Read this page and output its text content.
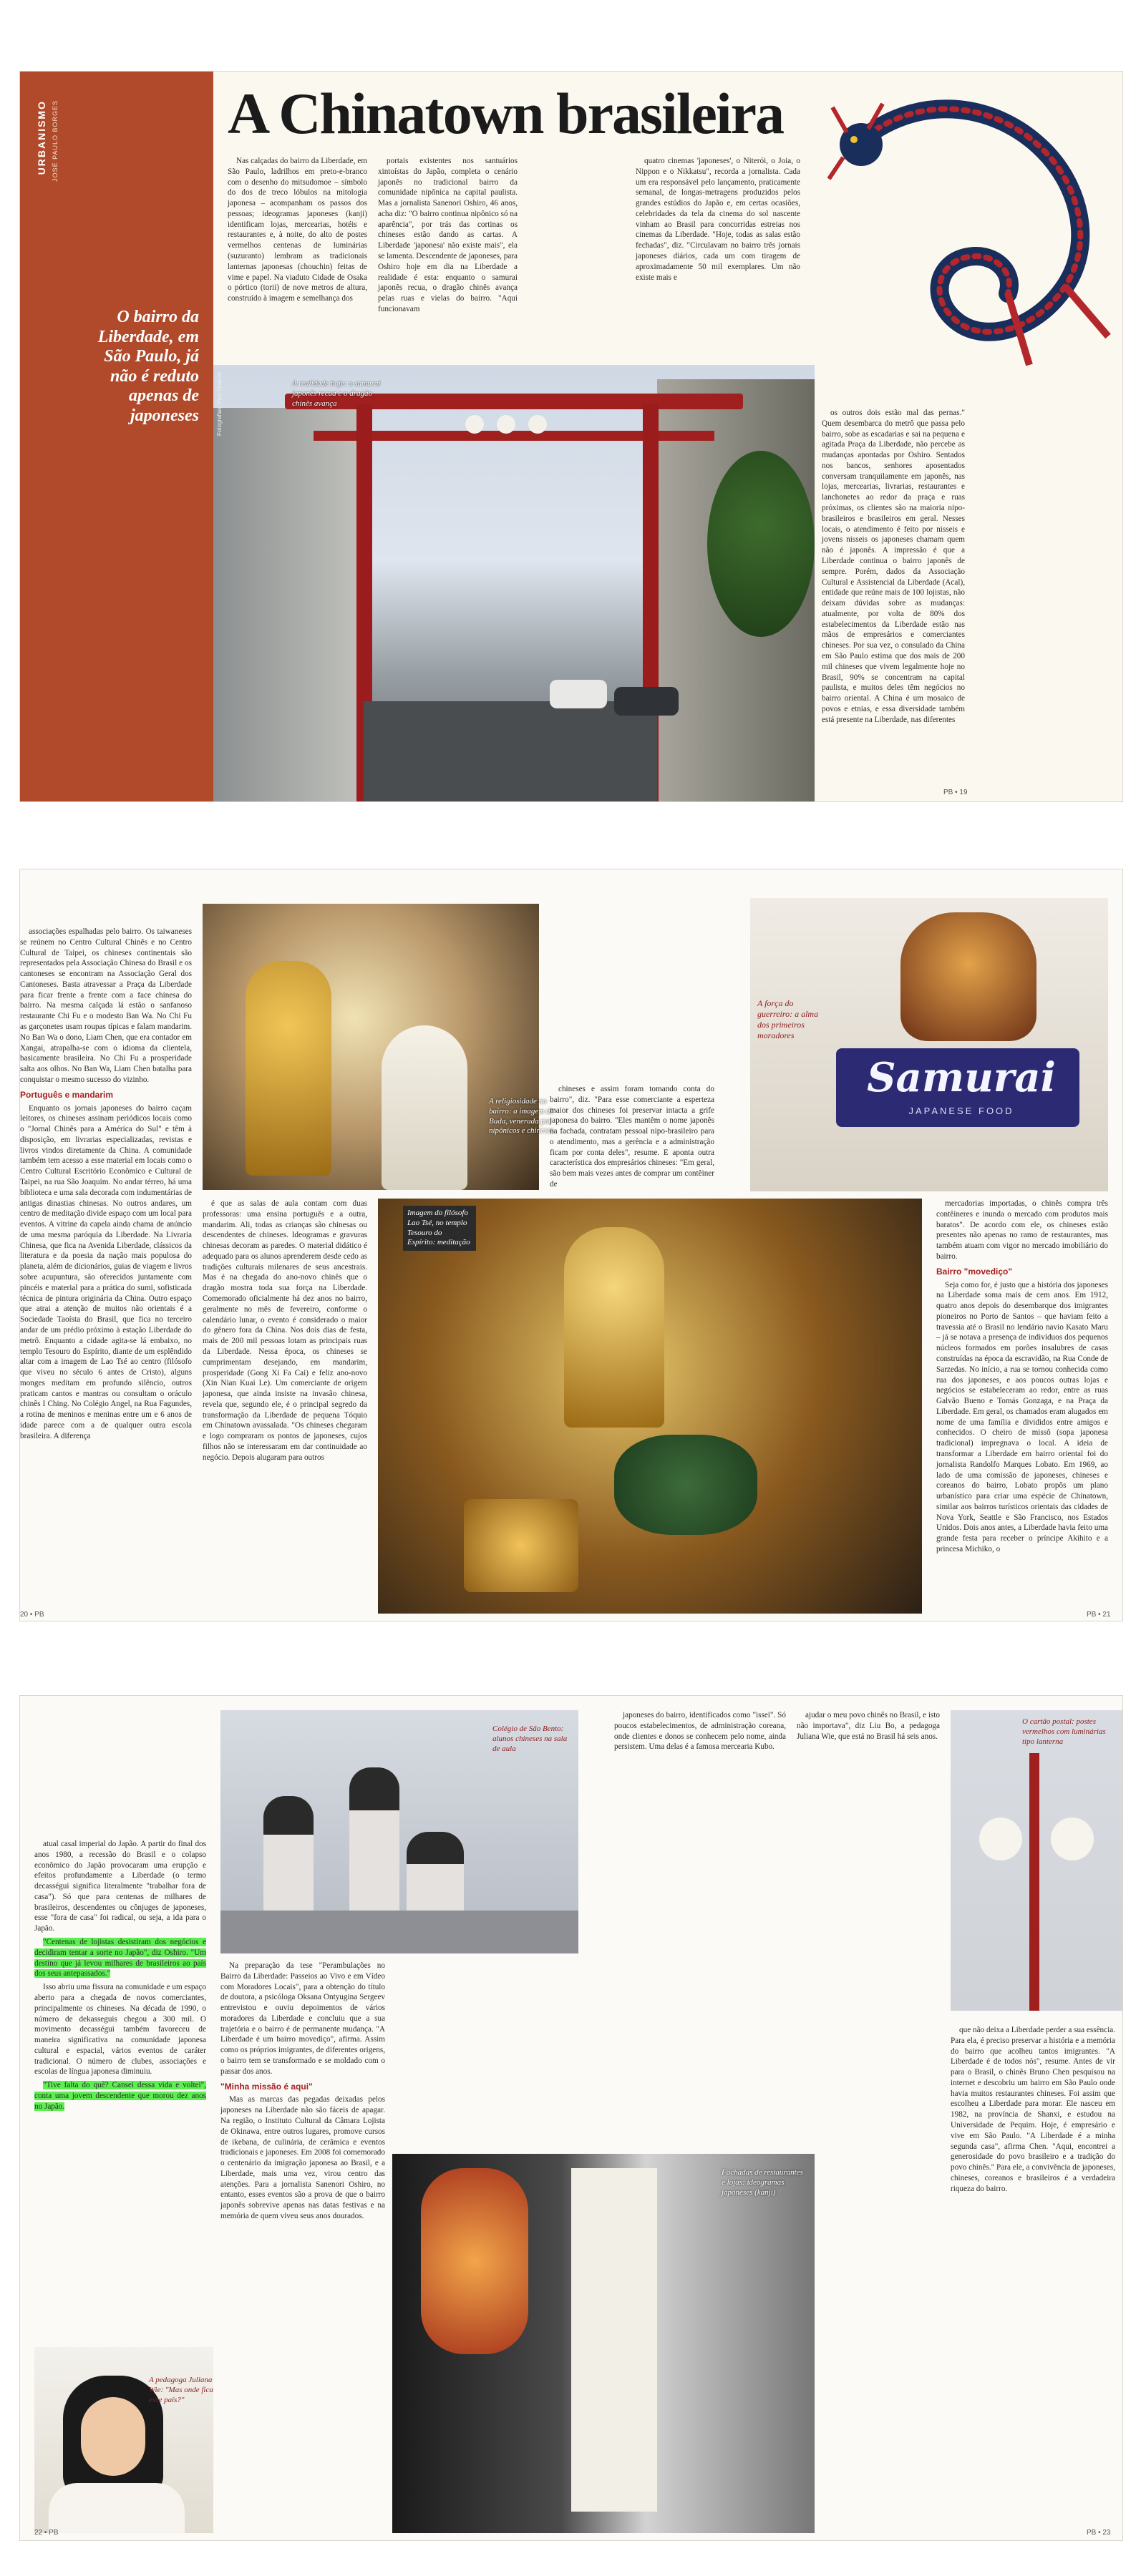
URBANISMO JOSÉ PAULO BORGES
O bairro da Liberdade, em São Paulo, já não é reduto apenas de japoneses
A Chinatown brasileira

Nas calçadas do bairro da Liberdade, em São Paulo, ladrilhos em preto-e-branco com o desenho do mitsudomoe – símbolo do dos de treco lóbulos na mitologia japonesa – acompanham os passos dos pessoas; ideogramas japoneses (kanji) identificam lojas, mercearias, hotéis e restaurantes e, à noite, do alto de postes vermelhos centenas de luminárias (suzuranto) lembram as tradicionais lanternas japonesas (chouchin) feitas de vime e papel. Na viaduto Cidade de Osaka o pórtico (torii) de nove metros de altura, construído à imagem e semelhança dos

portais existentes nos santuários xintoístas do Japão, completa o cenário japonês no tradicional bairro da comunidade nipônica na capital paulista. Mas a jornalista Sanenori Oshiro, 46 anos, acha diz: "O bairro continua nipônico só na aparência", por trás das cortinas os chineses estão dando as cartas. A Liberdade 'japonesa' não existe mais", ela se lamenta. Descendente de japoneses, para Oshiro hoje em dia na Liberdade a realidade é esta: enquanto o samurai japonês recua, o dragão chinês avança pelas ruas e vielas do bairro. "Aqui funcionavam

quatro cinemas 'japoneses', o Niterói, o Joia, o Nippon e o Nikkatsu", recorda a jornalista. Cada um era responsável pelo lançamento, praticamente semanal, de longas-metragens produzidos pelos grandes estúdios do Japão e, em certas ocasiões, celebridades da tela da cinema do sol nascente vinham ao Brasil para concorridas estreias nos cinemas da Liberdade. "Hoje, todas as salas estão fechadas", diz. "Circulavam no bairro três jornais japoneses diários, cada um com tiragem de aproximadamente 50 mil exemplares. Um não existe mais e

A realidade hoje: o samurai japonês recua e o dragão chinês avança
Fotografias: Pipo Gialuisi	os outros dois estão mal das pernas." Quem desembarca do metrô que passa pelo bairro, sobe as escadarias e sai na pequena e agitada Praça da Liberdade, não percebe as mudanças apontadas por Oshiro. Sentados nos bancos, senhores aposentados conversam tranquilamente em japonês, nas lojas, mercearias, livrarias, restaurantes e lanchonetes ao redor da praça e ruas próximas, os clientes são na maioria nipo-brasileiros e brasileiros em geral. Nesses locais, o atendimento é feito por nisseis e jovens nisseis os japoneses chamam quem não é japonês. A impressão é que a Liberdade continua o bairro japonês de sempre. Porém, dados da Associação Cultural e Assistencial da Liberdade (Acal), entidade que reúne mais de 100 lojistas, não deixam dúvidas sobre as mudanças: atualmente, por volta de 80% dos estabelecimentos da Liberdade estão nas mãos de empresários e comerciantes chineses. Por sua vez, o consulado da China em São Paulo estima que dos mais de 200 mil chineses que vivem legalmente hoje no Brasil, 90% se concentram na capital paulista, e muitos deles têm negócios no bairro oriental. A China é um mosaico de povos e etnias, e essa diversidade também está presente na Liberdade, nas diferentes

PB • 19

associações espalhadas pelo bairro. Os taiwaneses se reúnem no Centro Cultural Chinês e no Centro Cultural de Taipei, os chineses continentais são representados pela Associação Chinesa do Brasil e os cantoneses se encontram na Associação Geral dos Cantoneses. Basta atravessar a Praça da Liberdade para ficar frente a frente com a face chinesa do bairro. Na mesma calçada lá estão o sanfanoso restaurante Chi Fu e o modesto Ban Wa. No Chi Fu as garçonetes usam roupas típicas e falam mandarim. No Ban Wa o dono, Liam Chen, que era contador em Xangai, atrapalha-se com o idioma da clientela, basicamente brasileira. No Chi Fu a prosperidade salta aos olhos. No Ban Wa, Liam Chen batalha para conquistar o mesmo sucesso do vizinho.

Português e mandarim

Enquanto os jornais japoneses do bairro caçam leitores, os chineses assinam periódicos locais como o "Jornal Chinês para a América do Sul" e têm à disposição, em livrarias especializadas, revistas e livros vindos diretamente da China. A comunidade também tem acesso a esse material em locais como o Centro Cultural Escritório Econômico e Cultural de Taipei, na rua São Joaquim. No andar térreo, há uma biblioteca e uma sala decorada com indumentárias de antigas dinastias chinesas. No outros andares, um centro de meditação divide espaço com um local para eventos. A vitrine da capela ainda chama de anúncio de uma mesma paróquia da Liberdade. Na Livraria Chinesa, que fica na Avenida Liberdade, clássicos da literatura e da poesia da nação mais populosa do planeta, além de dicionários, guias de viagem e livros sobre acupuntura, são oferecidos juntamente com pincéis e material para a prática do sumi, sofisticada técnica de pintura originária da China. Outro espaço que atrai a atenção de muitos não orientais é a Sociedade Taoísta do Brasil, que fica no terceiro andar de um prédio próximo à estação Liberdade do metrô. Enquanto a cidade agita-se lá embaixo, no templo Tesouro do Espírito, diante de um esplêndido altar com a imagem de Lao Tsé ao centro (filósofo que viveu no século 6 antes de Cristo), alguns monges meditam em profundo silêncio, outros praticam cantos e mantras ou consultam o oráculo chinês I Ching. No Colégio Angel, na Rua Fagundes, a rotina de meninos e meninas entre um e 6 anos de idade parece com a de qualquer outra escola brasileira. A diferença

A religiosidade no bairro: a imagem de Buda, venerada por nipônicos e chineses

chineses e assim foram tomando conta do bairro", diz. "Para esse comerciante a esperteza maior dos chineses foi preservar intacta a grife japonesa do bairro. "Eles mantêm o nome japonês na fachada, contratam pessoal nipo-brasileiro para o atendimento, mas a gerência e a administração ficam por conta deles", resume. E aponta outra característica dos empresários chineses: "Em geral, são bem mais vezes antes de comprar um contêiner de

Samurai
JAPANESE FOOD
A força do guerreiro: a alma dos primeiros moradores

mercadorias importadas, o chinês compra três contêineres e inunda o mercado com produtos mais baratos". De acordo com ele, os chineses estão presentes não apenas no ramo de restaurantes, mas também atuam com vigor no mercado imobiliário do bairro.

Bairro "movediço"

Seja como for, é justo que a história dos japoneses na Liberdade soma mais de cem anos. Em 1912, quatro anos depois do desembarque dos imigrantes pioneiros no Porto de Santos – que haviam feito a travessia até o Brasil no lendário navio Kasato Maru – já se notava a presença de indivíduos dos pequenos núcleos formados em porões insalubres de casas construídas na época da escravidão, na Rua Conde de Sarzedas. No início, a rua se tornou conhecida como rua dos japoneses, e aos poucos outras lojas e negócios se estabeleceram ao redor, entre as ruas Galvão Bueno e Tomás Gonzaga, e na Praça da Liberdade. Em geral, os chamados eram alugados em nome de uma família e divididos entre amigos e conhecidos. O cheiro de missô (sopa japonesa tradicional) impregnava o local. A ideia de transformar a Liberdade em bairro oriental foi do jornalista Randolfo Marques Lobato. Em 1969, ao lado de uma comissão de japoneses, chineses e coreanos do bairro, Lobato propôs um plano urbanístico para criar uma espécie de Chinatown, similar aos bairros turísticos orientais das cidades de Nova York, Seattle e São Francisco, nos Estados Unidos. Dois anos antes, a Liberdade havia feito uma grande festa para receber o príncipe Akihito e a princesa Michiko, o

é que as salas de aula contam com duas professoras: uma ensina português e a outra, mandarim. Ali, todas as crianças são chinesas ou descendentes de chineses. Ideogramas e gravuras chinesas decoram as paredes. O material didático é adequado para os alunos aprenderem desde cedo as tradições culturais milenares de seus ancestrais. Mas é na chegada do ano-novo chinês que o dragão mostra toda sua força na Liberdade. Comemorado oficialmente há dez anos no bairro, geralmente no mês de fevereiro, conforme o calendário lunar, o evento é considerado o maior do gênero fora da China. Nos dois dias de festa, mais de 200 mil pessoas lotam as principais ruas da Liberdade. Nessa época, os chineses se cumprimentam desejando, em mandarim, prosperidade (Gong Xi Fa Cai) e feliz ano-novo (Xin Nian Kuai Le). Um comerciante de origem japonesa, que ainda insiste na invasão chinesa, revela que, segundo ele, é o principal segredo da transformação da Liberdade de pequena Tóquio em Chinatown avassalada. "Os chineses chegaram e logo compraram os pontos de japoneses, cujos filhos não se interessaram em dar continuidade ao negócio. Depois alugaram para outros

Imagem do filósofo Lao Tsé, no templo Tesouro do Espírito: meditação
20 • PB	PB • 21

atual casal imperial do Japão. A partir do final dos anos 1980, a recessão do Brasil e o colapso econômico do Japão provocaram uma erupção e efeitos profundamente a Liberdade (o termo decasségui significa literalmente "trabalhar fora de casa"). Só que para centenas de milhares de brasileiros, descendentes ou cônjuges de japoneses, esse "fora de casa" foi radical, ou seja, a ida para o Japão.

"Centenas de lojistas desistiram dos negócios e decidiram tentar a sorte no Japão", diz Oshiro. "Um destino que já levou milhares de brasileiros ao país dos seus antepassados."

Isso abriu uma fissura na comunidade e um espaço aberto para a chegada de novos comerciantes, principalmente os chineses. Na década de 1990, o número de dekasseguis chegou a 300 mil. O movimento decasségui também favoreceu de maneira significativa na comunidade japonesa cultural e espacial, vários eventos de caráter tradicional. O número de clubes, associações e escolas de língua japonesa diminuiu.

"Tive falta do quê? Cansei dessa vida e voltei", conta uma jovem descendente que morou dez anos no Japão.

A pedagoga Juliana Wie: "Mas onde fica esse país?"
Colégio de São Bento: alunos chineses na sala de aula

Na preparação da tese "Perambulações no Bairro da Liberdade: Passeios ao Vivo e em Vídeo com Moradores Locais", para a obtenção do título de doutora, a psicóloga Oksana Ontyugina Sergeev entrevistou e ouviu depoimentos de vários moradores da Liberdade e concluiu que a sua trajetória e o bairro é de permanente mudança. "A Liberdade é um bairro movediço", afirma. Assim como os próprios imigrantes, de diferentes origens, o bairro tem se transformado e se moldado com o passar dos anos.

"Minha missão é aqui"

Mas as marcas das pegadas deixadas pelos japoneses na Liberdade não são fáceis de apagar. Na região, o Instituto Cultural da Câmara Lojista de Okinawa, entre outros lugares, promove cursos de ikebana, de culinária, de cerâmica e eventos tradicionais e japoneses. Em 2008 foi comemorado o centenário da imigração japonesa ao Brasil, e a Liberdade, mais uma vez, virou centro das atenções. Para a jornalista Sanenori Oshiro, no entanto, esses eventos são a prova de que o bairro japonês sobrevive apenas nas datas festivas e na memória de quem viveu seus anos dourados.

Fachadas de restaurantes e lojas: ideogramas japoneses (kanji)

japoneses do bairro, identificados como "issei". Só poucos estabelecimentos, de administração coreana, onde clientes e donos se conhecem pelo nome, ainda persistem. Uma delas é a famosa mercearia Kubo.

ajudar o meu povo chinês no Brasil, e isto não importava", diz Liu Bo, a pedagoga Juliana Wie, que está no Brasil há seis anos.

O cartão postal: postes vermelhos com luminárias tipo lanterna

que não deixa a Liberdade perder a sua essência. Para ela, é preciso preservar a história e a memória do bairro que acolheu tantos imigrantes. "A Liberdade é de todos nós", resume. Antes de vir para o Brasil, o chinês Bruno Chen pesquisou na internet e descobriu um bairro em São Paulo onde havia muitos restaurantes chineses. Foi assim que escolheu a Liberdade para morar. Ele nasceu em 1982, na província de Shanxi, e estudou na Universidade de Pequim. Hoje, é empresário e vive em São Paulo. "A Liberdade é a minha segunda casa", afirma Chen. "Aqui, encontrei a generosidade do povo brasileiro e a tradição do povo chinês." Para ele, a convivência de japoneses, chineses, coreanos e brasileiros é a verdadeira riqueza do bairro.

22 • PB	PB • 23
